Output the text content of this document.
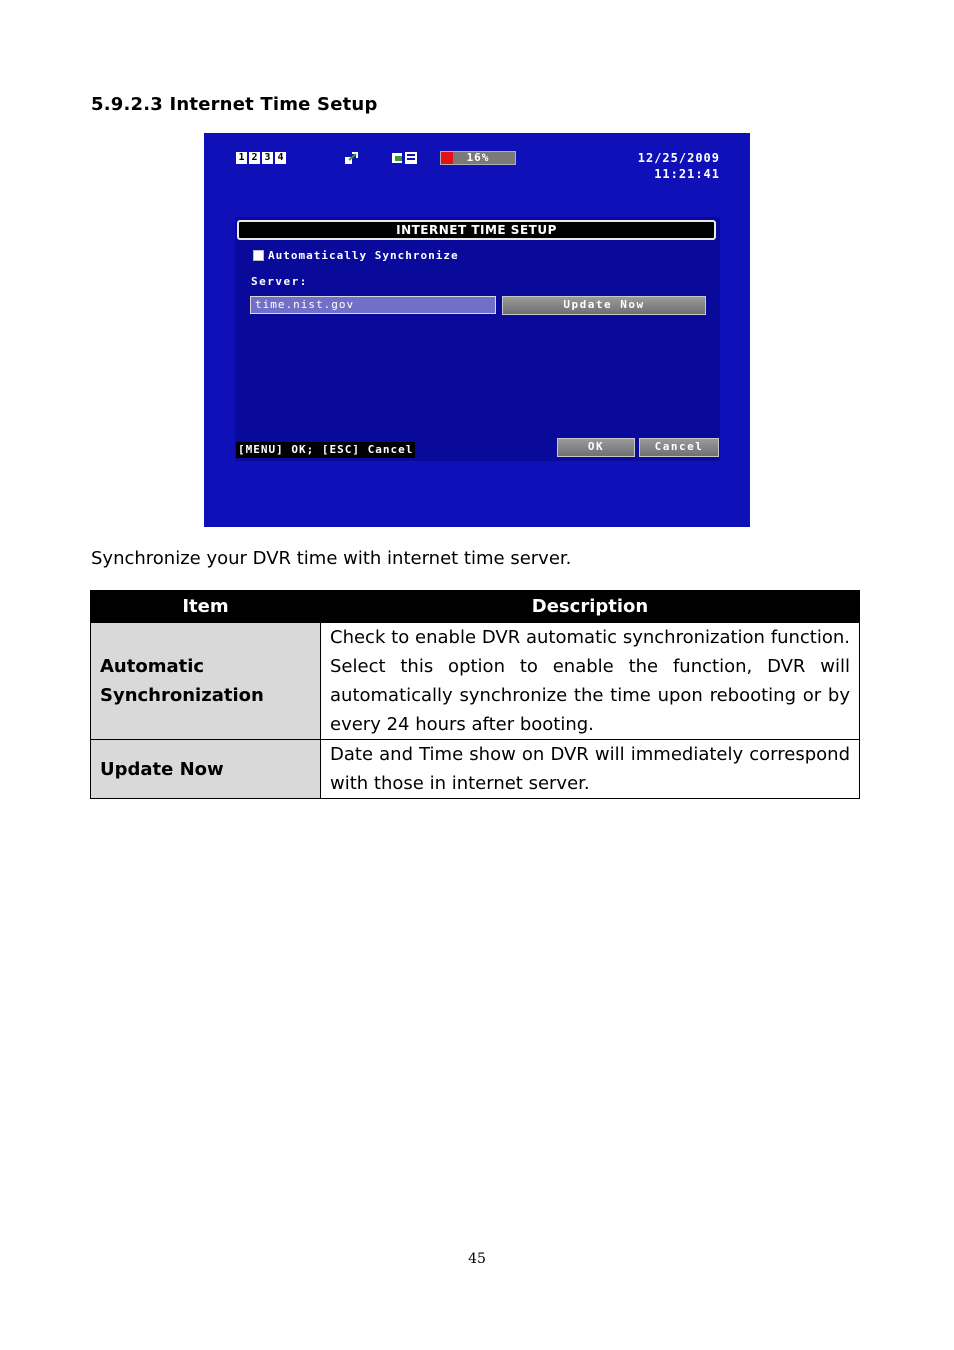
5.9.2.3 Internet Time Setup
1 2 3 4	16%	12/25/2009
11:21:41
INTERNET TIME SETUP
Automatically Synchronize
Server:
time.nist.gov	Update Now
[MENU] OK; [ESC] Cancel	OK	Cancel
Synchronize your DVR time with internet time server.
Item	Description
Automatic Synchronization	Check to enable DVR automatic synchronization function. Select this option to enable the function, DVR will automatically synchronize the time upon rebooting or by every 24 hours after booting.
Update Now	Date and Time show on DVR will immediately correspond with those in internet server.
45
